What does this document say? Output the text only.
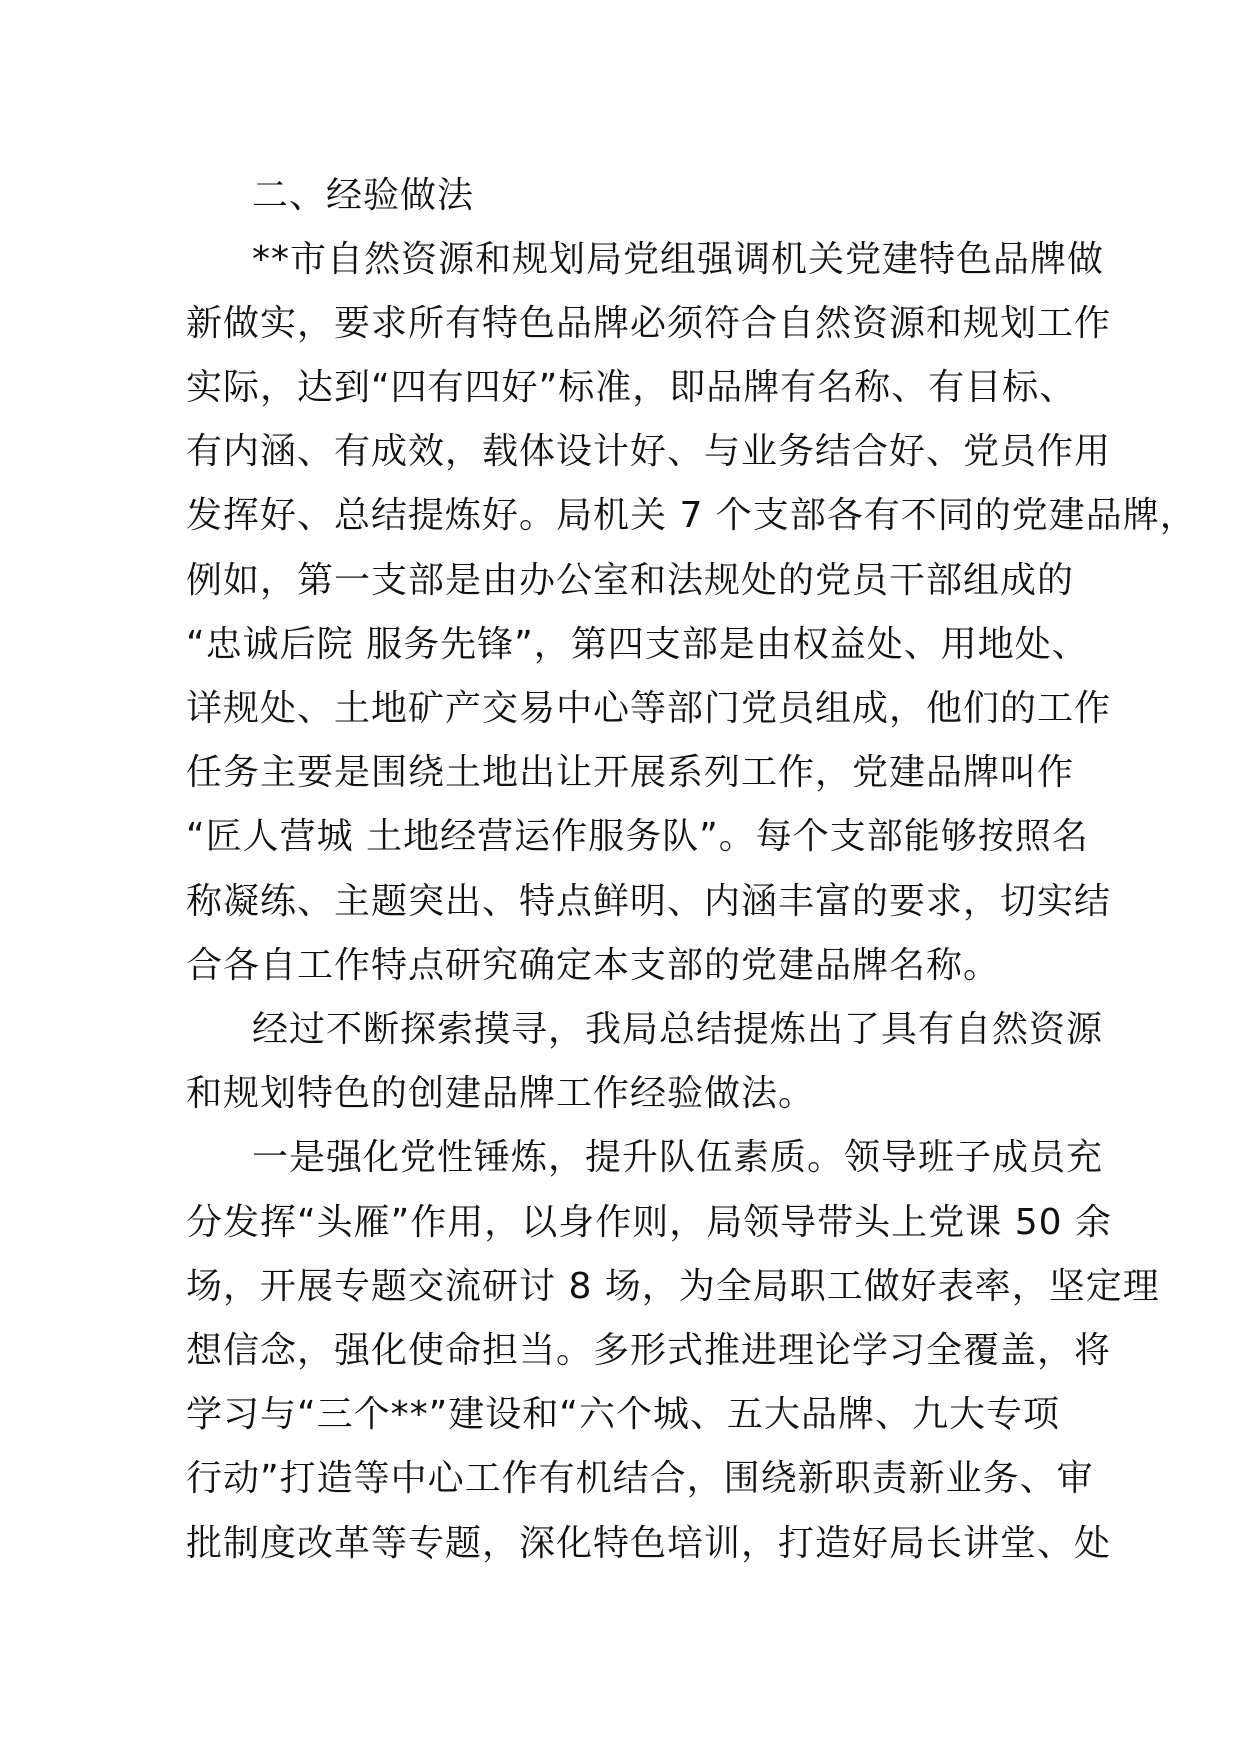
二、经验做法
**市自然资源和规划局党组强调机关党建特色品牌做
新做实，要求所有特色品牌必须符合自然资源和规划工作
实际，达到“四有四好”标准，即品牌有名称、有目标、
有内涵、有成效，载体设计好、与业务结合好、党员作用
发挥好、总结提炼好。局机关 7 个支部各有不同的党建品牌，
例如，第一支部是由办公室和法规处的党员干部组成的
“忠诚后院 服务先锋”，第四支部是由权益处、用地处、
详规处、土地矿产交易中心等部门党员组成，他们的工作
任务主要是围绕土地出让开展系列工作，党建品牌叫作
“匠人营城 土地经营运作服务队”。每个支部能够按照名
称凝练、主题突出、特点鲜明、内涵丰富的要求，切实结
合各自工作特点研究确定本支部的党建品牌名称。
经过不断探索摸寻，我局总结提炼出了具有自然资源
和规划特色的创建品牌工作经验做法。
一是强化党性锤炼，提升队伍素质。领导班子成员充
分发挥“头雁”作用，以身作则，局领导带头上党课 50 余
场，开展专题交流研讨 8 场，为全局职工做好表率，坚定理
想信念，强化使命担当。多形式推进理论学习全覆盖，将
学习与“三个**”建设和“六个城、五大品牌、九大专项
行动”打造等中心工作有机结合，围绕新职责新业务、审
批制度改革等专题，深化特色培训，打造好局长讲堂、处
